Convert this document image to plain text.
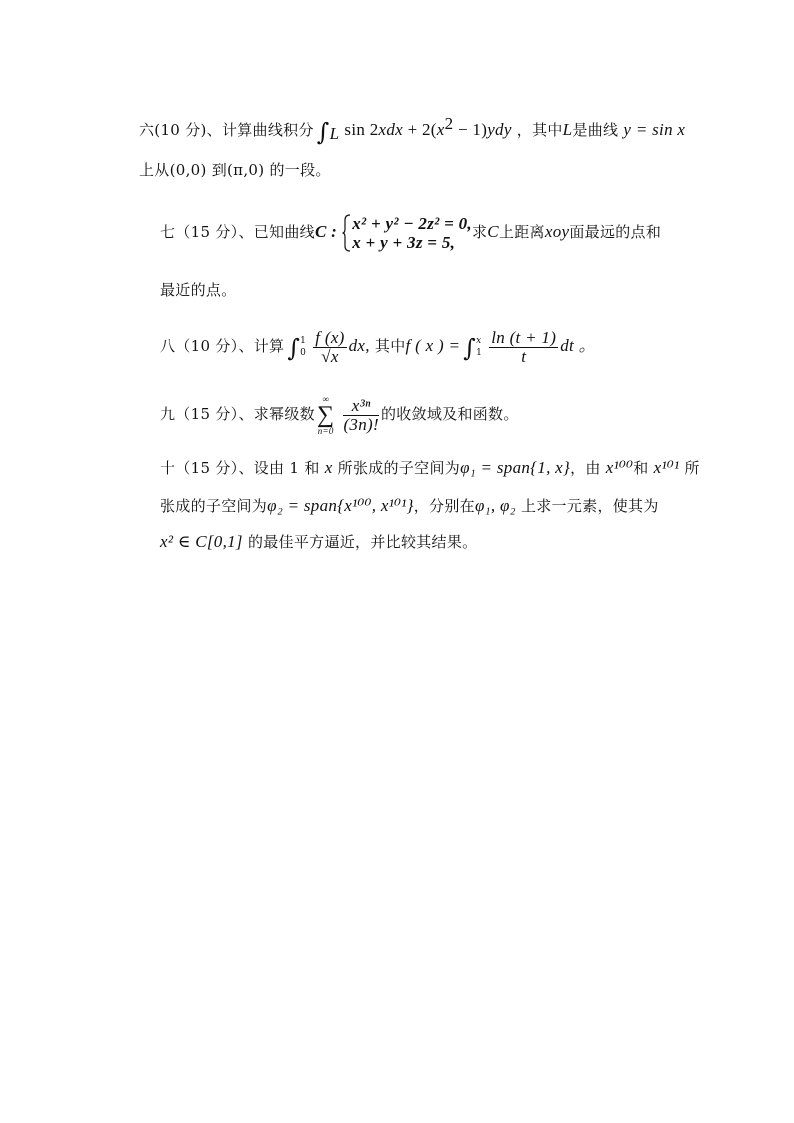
六(10 分)、计算曲线积分 $\int_L$ $\sin 2xdx + 2(x^2 - 1)ydy$ ，其中L是曲线 y = sin x
上从(0,0) 到(π,0) 的一段。
七（15 分）、已知曲线C : x² + y² − 2z² = 0,
x + y + 3z = 5,
求C上距离xoy面最远的点和
最近的点。
八（10 分）、计算 ∫ 1
0
$\frac{f (x)}{√x}$ dx, 其中f ( x ) = ∫ x
1
$\frac{\ln (t + 1)}{t}$ dt 。
九（15 分）、求幂级数
∞
∑
n=0
$\frac{\text{x³ⁿ}}{(3n)!}$ 的收敛域及和函数。
十（15 分）、设由 1 和 x 所张成的子空间为φ₁ = span{1, x}，由 x¹⁰⁰和 x¹⁰¹ 所
张成的子空间为φ₂ = span{x¹⁰⁰, x¹⁰¹}，分别在φ₁, φ₂ 上求一元素，使其为
x² ∈ C[0,1] 的最佳平方逼近，并比较其结果。
